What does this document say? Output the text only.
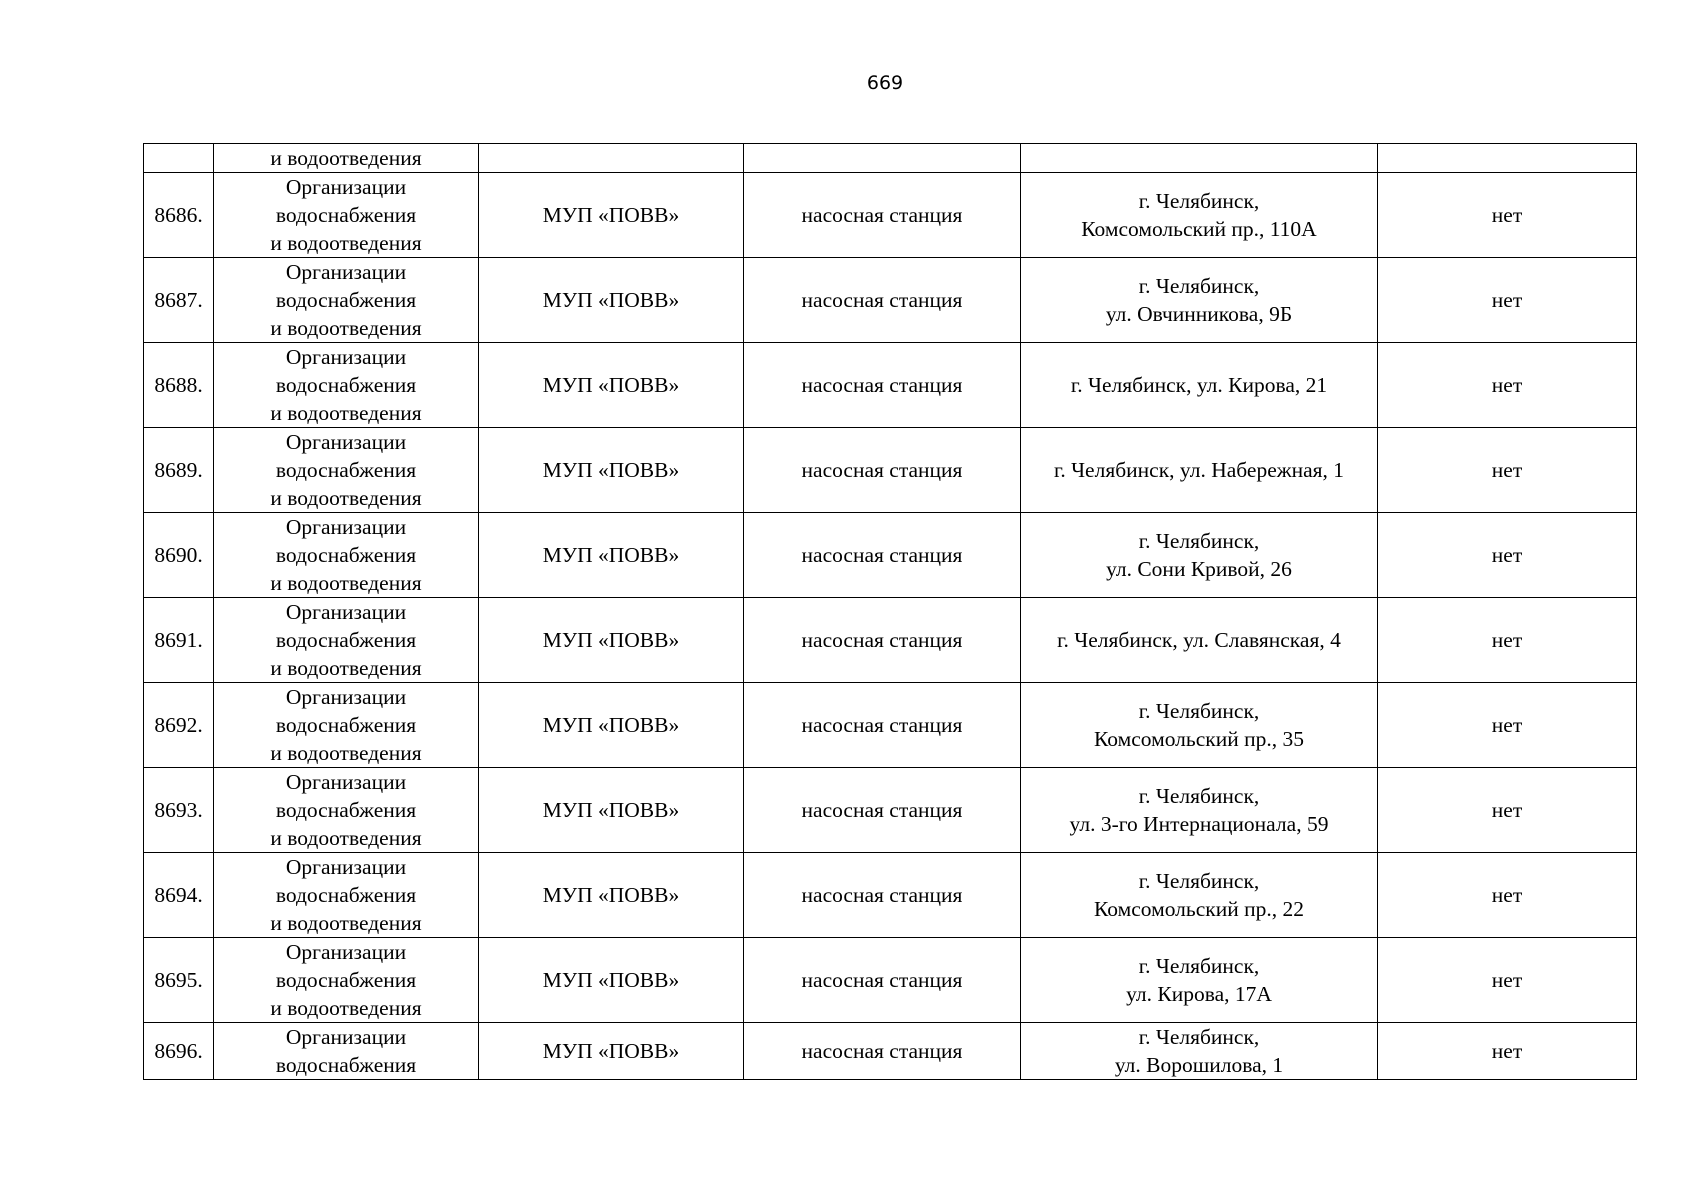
669

	и водоотведения				

8686.	Организации
водоснабжения
и водоотведения	МУП «ПОВВ»	насосная станция	г. Челябинск,
Комсомольский пр., 110А	нет
8687.	Организации
водоснабжения
и водоотведения	МУП «ПОВВ»	насосная станция	г. Челябинск,
ул. Овчинникова, 9Б	нет
8688.	Организации
водоснабжения
и водоотведения	МУП «ПОВВ»	насосная станция	г. Челябинск, ул. Кирова, 21	нет
8689.	Организации
водоснабжения
и водоотведения	МУП «ПОВВ»	насосная станция	г. Челябинск, ул. Набережная, 1	нет
8690.	Организации
водоснабжения
и водоотведения	МУП «ПОВВ»	насосная станция	г. Челябинск,
ул. Сони Кривой, 26	нет
8691.	Организации
водоснабжения
и водоотведения	МУП «ПОВВ»	насосная станция	г. Челябинск, ул. Славянская, 4	нет
8692.	Организации
водоснабжения
и водоотведения	МУП «ПОВВ»	насосная станция	г. Челябинск,
Комсомольский пр., 35	нет
8693.	Организации
водоснабжения
и водоотведения	МУП «ПОВВ»	насосная станция	г. Челябинск,
ул. 3-го Интернационала, 59	нет
8694.	Организации
водоснабжения
и водоотведения	МУП «ПОВВ»	насосная станция	г. Челябинск,
Комсомольский пр., 22	нет
8695.	Организации
водоснабжения
и водоотведения	МУП «ПОВВ»	насосная станция	г. Челябинск,
ул. Кирова, 17А	нет
8696.	Организации
водоснабжения	МУП «ПОВВ»	насосная станция	г. Челябинск,
ул. Ворошилова, 1	нет
